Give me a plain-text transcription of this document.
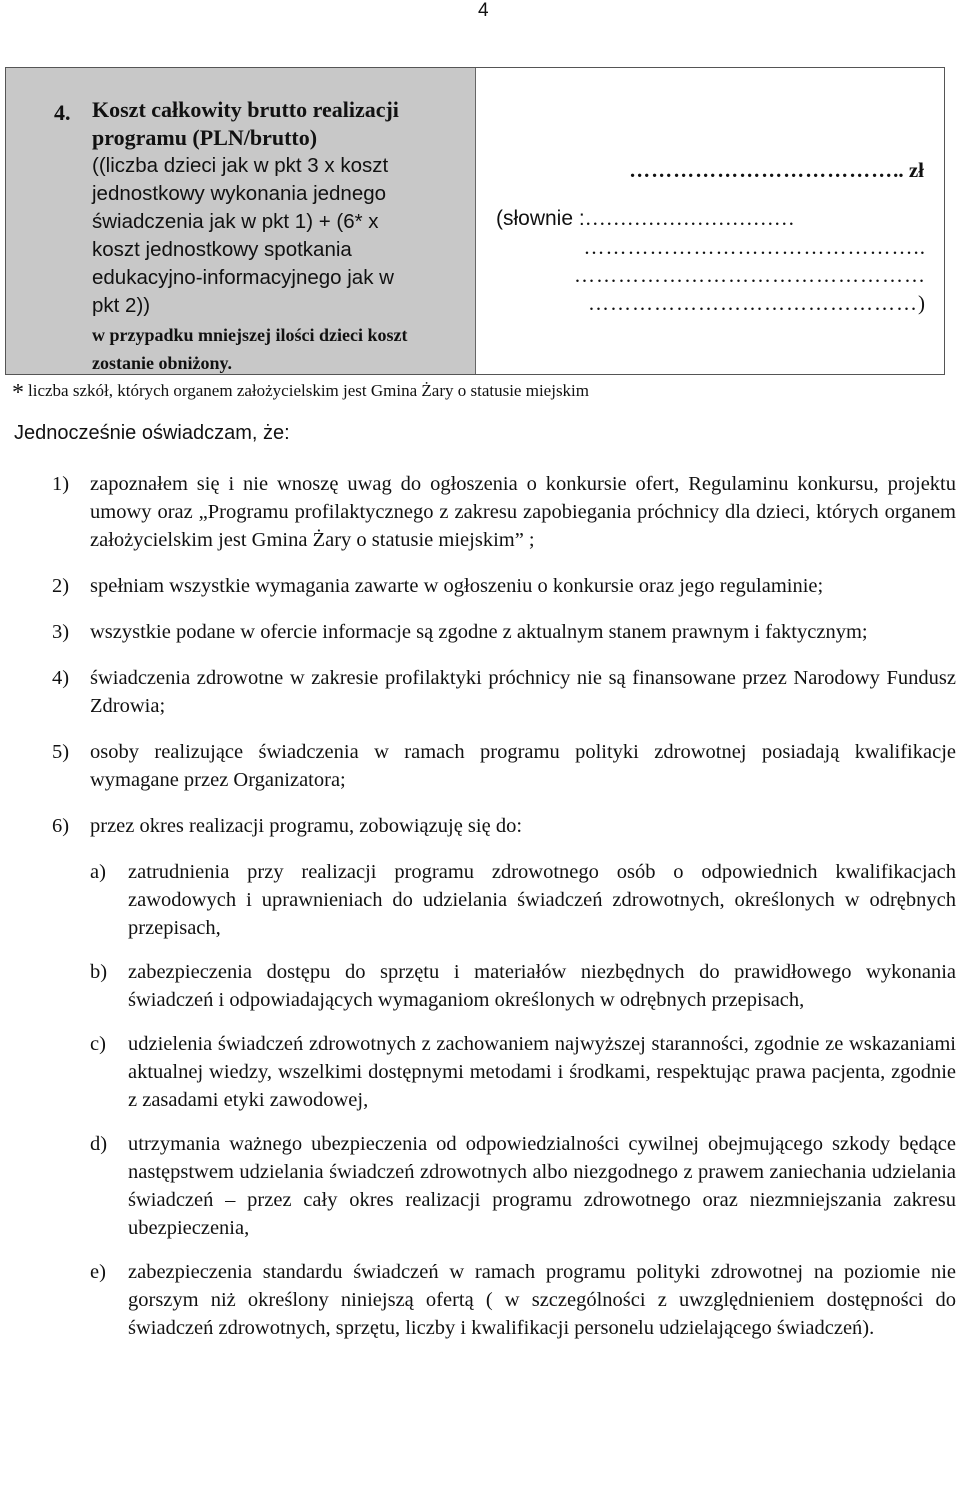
4
4. Koszt całkowity brutto realizacji
programu (PLN/brutto)
((liczba dzieci jak w pkt 3 x koszt
jednostkowy wykonania jednego
świadczenia jak w pkt 1) + (6* x
koszt jednostkowy spotkania
edukacyjno-informacyjnego jak w
pkt 2))
w przypadku mniejszej ilości dzieci koszt
zostanie obniżony.
……………………………….. zł
(słownie :…………………………
………………………………………..
…………………………………………
………………………………………)
* liczba szkół, których organem założycielskim jest Gmina Żary o statusie miejskim
Jednocześnie oświadczam, że:
1) zapoznałem się i nie wnoszę uwag do ogłoszenia o konkursie ofert, Regulaminu konkursu, projektu umowy oraz „Programu profilaktycznego z zakresu zapobiegania próchnicy dla dzieci, których organem założycielskim jest Gmina Żary o statusie miejskim” ;
2) spełniam wszystkie wymagania zawarte w ogłoszeniu o konkursie oraz jego regulaminie;
3) wszystkie podane w ofercie informacje są zgodne z aktualnym stanem prawnym i faktycznym;
4) świadczenia zdrowotne w zakresie profilaktyki próchnicy nie są finansowane przez Narodowy Fundusz Zdrowia;
5) osoby realizujące świadczenia w ramach programu polityki zdrowotnej posiadają kwalifikacje wymagane przez Organizatora;
6) przez okres realizacji programu, zobowiązuję się do:
a) zatrudnienia przy realizacji programu zdrowotnego osób o odpowiednich kwalifikacjach zawodowych i uprawnieniach do udzielania świadczeń zdrowotnych, określonych w odrębnych przepisach,
b) zabezpieczenia dostępu do sprzętu i materiałów niezbędnych do prawidłowego wykonania świadczeń i odpowiadających wymaganiom określonych w odrębnych przepisach,
c) udzielenia świadczeń zdrowotnych z zachowaniem najwyższej staranności, zgodnie ze wskazaniami aktualnej wiedzy, wszelkimi dostępnymi metodami i środkami, respektując prawa pacjenta, zgodnie z zasadami etyki zawodowej,
d) utrzymania ważnego ubezpieczenia od odpowiedzialności cywilnej obejmującego szkody będące następstwem udzielania świadczeń zdrowotnych albo niezgodnego z prawem zaniechania udzielania świadczeń – przez cały okres realizacji programu zdrowotnego oraz niezmniejszania zakresu ubezpieczenia,
e) zabezpieczenia standardu świadczeń w ramach programu polityki zdrowotnej na poziomie nie gorszym niż określony niniejszą ofertą ( w szczególności z uwzględnieniem dostępności do świadczeń zdrowotnych, sprzętu, liczby i kwalifikacji personelu udzielającego świadczeń).
